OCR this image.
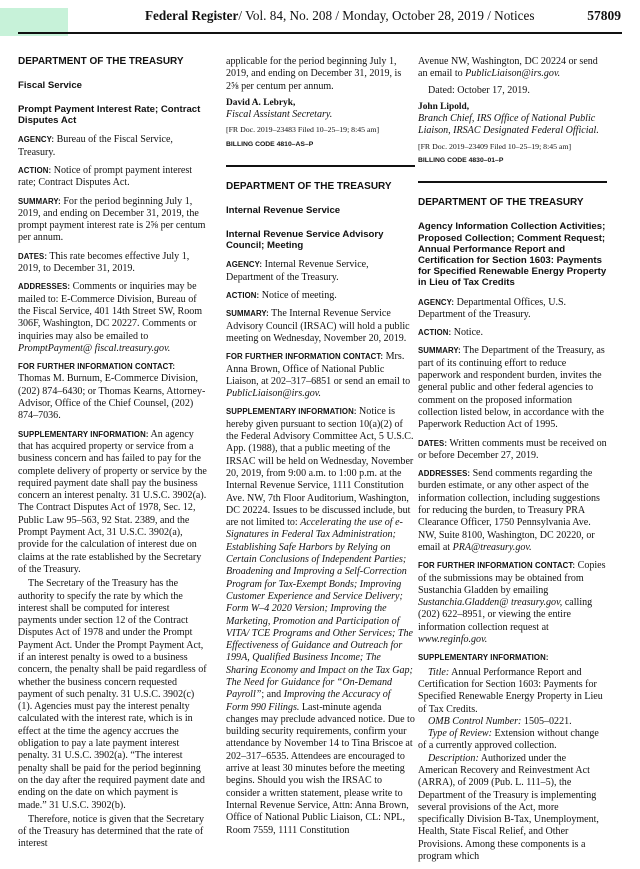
Federal Register/ Vol. 84, No. 208 / Monday, October 28, 2019 / Notices	57809
DEPARTMENT OF THE TREASURY
Fiscal Service
Prompt Payment Interest Rate; Contract Disputes Act
AGENCY: Bureau of the Fiscal Service, Treasury.
ACTION: Notice of prompt payment interest rate; Contract Disputes Act.
SUMMARY: For the period beginning July 1, 2019, and ending on December 31, 2019, the prompt payment interest rate is 2⅝ per centum per annum.
DATES: This rate becomes effective July 1, 2019, to December 31, 2019.
ADDRESSES: Comments or inquiries may be mailed to: E-Commerce Division, Bureau of the Fiscal Service, 401 14th Street SW, Room 306F, Washington, DC 20227. Comments or inquiries may also be emailed to PromptPayment@ fiscal.treasury.gov.
FOR FURTHER INFORMATION CONTACT: Thomas M. Burnum, E-Commerce Division, (202) 874–6430; or Thomas Kearns, Attorney-Advisor, Office of the Chief Counsel, (202) 874–7036.
SUPPLEMENTARY INFORMATION: An agency that has acquired property or service from a business concern and has failed to pay for the complete delivery of property or service by the required payment date shall pay the business concern an interest penalty. 31 U.S.C. 3902(a). The Contract Disputes Act of 1978, Sec. 12, Public Law 95–563, 92 Stat. 2389, and the Prompt Payment Act, 31 U.S.C. 3902(a), provide for the calculation of interest due on claims at the rate established by the Secretary of the Treasury.
The Secretary of the Treasury has the authority to specify the rate by which the interest shall be computed for interest payments under section 12 of the Contract Disputes Act of 1978 and under the Prompt Payment Act. Under the Prompt Payment Act, if an interest penalty is owed to a business concern, the penalty shall be paid regardless of whether the business concern requested payment of such penalty. 31 U.S.C. 3902(c)(1). Agencies must pay the interest penalty calculated with the interest rate, which is in effect at the time the agency accrues the obligation to pay a late payment interest penalty. 31 U.S.C. 3902(a). “The interest penalty shall be paid for the period beginning on the day after the required payment date and ending on the date on which payment is made.” 31 U.S.C. 3902(b).
Therefore, notice is given that the Secretary of the Treasury has determined that the rate of interest
applicable for the period beginning July 1, 2019, and ending on December 31, 2019, is 2⅝ per centum per annum.
David A. Lebryk,
Fiscal Assistant Secretary.
[FR Doc. 2019–23483 Filed 10–25–19; 8:45 am]
BILLING CODE 4810–AS–P
DEPARTMENT OF THE TREASURY
Internal Revenue Service
Internal Revenue Service Advisory Council; Meeting
AGENCY: Internal Revenue Service, Department of the Treasury.
ACTION: Notice of meeting.
SUMMARY: The Internal Revenue Service Advisory Council (IRSAC) will hold a public meeting on Wednesday, November 20, 2019.
FOR FURTHER INFORMATION CONTACT: Mrs. Anna Brown, Office of National Public Liaison, at 202–317–6851 or send an email to PublicLiaison@irs.gov.
SUPPLEMENTARY INFORMATION: Notice is hereby given pursuant to section 10(a)(2) of the Federal Advisory Committee Act, 5 U.S.C. App. (1988), that a public meeting of the IRSAC will be held on Wednesday, November 20, 2019, from 9:00 a.m. to 1:00 p.m. at the Internal Revenue Service, 1111 Constitution Ave. NW, 7th Floor Auditorium, Washington, DC 20224. Issues to be discussed include, but are not limited to: Accelerating the use of e-Signatures in Federal Tax Administration; Establishing Safe Harbors by Relying on Certain Conclusions of Independent Parties; Broadening and Improving a Self-Correction Program for Tax-Exempt Bonds; Improving Customer Experience and Service Delivery; Form W–4 2020 Version; Improving the Marketing, Promotion and Participation of VITA/ TCE Programs and Other Services; The Effectiveness of Guidance and Outreach for 199A, Qualified Business Income; The Sharing Economy and Impact on the Tax Gap; The Need for Guidance for “On-Demand Payroll”; and Improving the Accuracy of Form 990 Filings. Last-minute agenda changes may preclude advanced notice. Due to building security requirements, confirm your attendance by November 14 to Tina Briscoe at 202–317–6535. Attendees are encouraged to arrive at least 30 minutes before the meeting begins. Should you wish the IRSAC to consider a written statement, please write to Internal Revenue Service, Attn: Anna Brown, Office of National Public Liaison, CL: NPL, Room 7559, 1111 Constitution
Avenue NW, Washington, DC 20224 or send an email to PublicLiaison@irs.gov.
Dated: October 17, 2019.
John Lipold,
Branch Chief, IRS Office of National Public Liaison, IRSAC Designated Federal Official.
[FR Doc. 2019–23409 Filed 10–25–19; 8:45 am]
BILLING CODE 4830–01–P
DEPARTMENT OF THE TREASURY
Agency Information Collection Activities; Proposed Collection; Comment Request; Annual Performance Report and Certification for Section 1603: Payments for Specified Renewable Energy Property in Lieu of Tax Credits
AGENCY: Departmental Offices, U.S. Department of the Treasury.
ACTION: Notice.
SUMMARY: The Department of the Treasury, as part of its continuing effort to reduce paperwork and respondent burden, invites the general public and other federal agencies to comment on the proposed information collection listed below, in accordance with the Paperwork Reduction Act of 1995.
DATES: Written comments must be received on or before December 27, 2019.
ADDRESSES: Send comments regarding the burden estimate, or any other aspect of the information collection, including suggestions for reducing the burden, to Treasury PRA Clearance Officer, 1750 Pennsylvania Ave. NW, Suite 8100, Washington, DC 20220, or email at PRA@treasury.gov.
FOR FURTHER INFORMATION CONTACT: Copies of the submissions may be obtained from Sustanchia Gladden by emailing Sustanchia.Gladden@ treasury.gov, calling (202) 622–8951, or viewing the entire information collection request at www.reginfo.gov.
SUPPLEMENTARY INFORMATION:
Title: Annual Performance Report and Certification for Section 1603: Payments for Specified Renewable Energy Property in Lieu of Tax Credits.
OMB Control Number: 1505–0221.
Type of Review: Extension without change of a currently approved collection.
Description: Authorized under the American Recovery and Reinvestment Act (ARRA), of 2009 (Pub. L. 111–5), the Department of the Treasury is implementing several provisions of the Act, more specifically Division B-Tax, Unemployment, Health, State Fiscal Relief, and Other Provisions. Among these components is a program which
